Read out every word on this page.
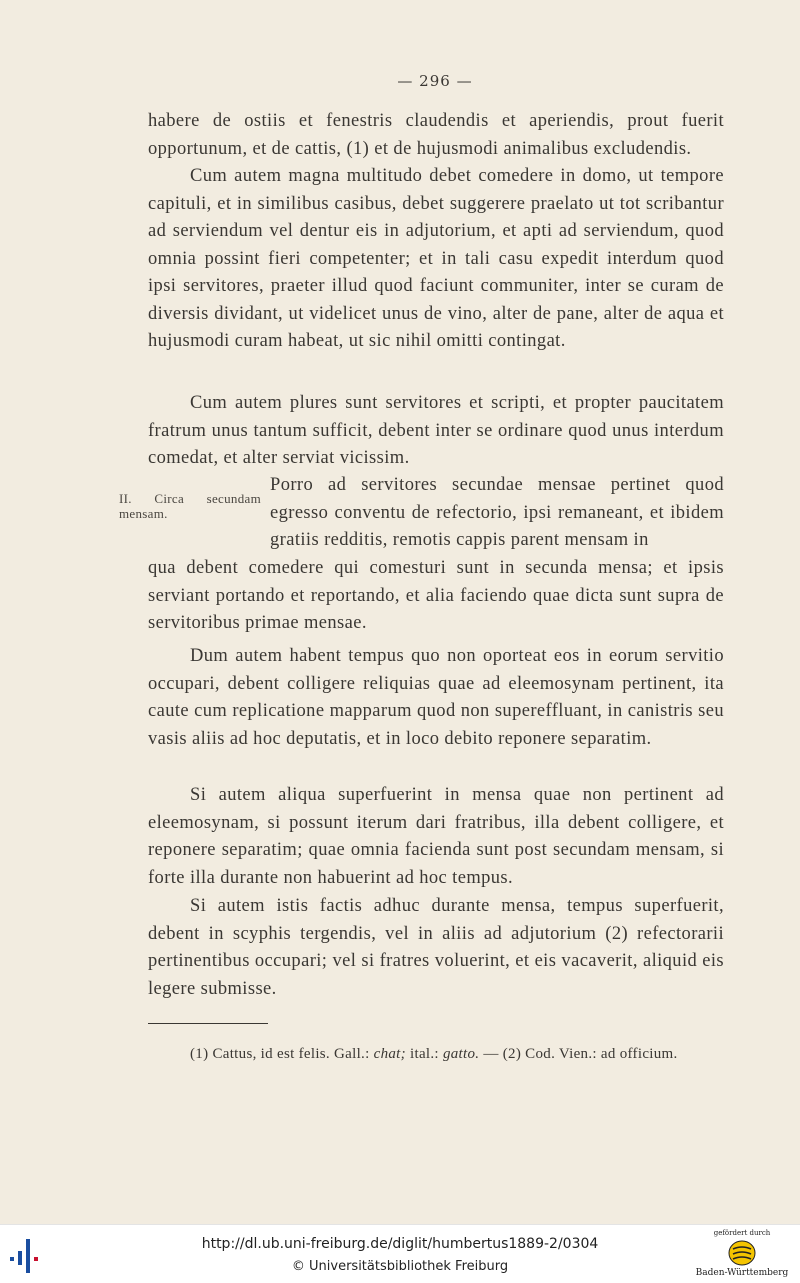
— 296 —

habere de ostiis et fenestris claudendis et aperiendis, prout fuerit opportunum, et de cattis, (1) et de hujusmodi animalibus excludendis.

Cum autem magna multitudo debet comedere in domo, ut tempore capituli, et in similibus casibus, debet suggerere praelato ut tot scribantur ad serviendum vel dentur eis in adjutorium, et apti ad serviendum, quod omnia possint fieri competenter; et in tali casu expedit interdum quod ipsi servitores, praeter illud quod faciunt communiter, inter se curam de diversis dividant, ut videlicet unus de vino, alter de pane, alter de aqua et hujusmodi curam habeat, ut sic nihil omitti contingat.

Cum autem plures sunt servitores et scripti, et propter paucitatem fratrum unus tantum sufficit, debent inter se ordinare quod unus interdum comedat, et alter serviat vicissim.

II. Circa secundam mensam.

Porro ad servitores secundae mensae pertinet quod egresso conventu de refectorio, ipsi remaneant, et ibidem gratiis redditis, remotis cappis parent mensam in

qua debent comedere qui comesturi sunt in secunda mensa; et ipsis serviant portando et reportando, et alia faciendo quae dicta sunt supra de servitoribus primae mensae.

Dum autem habent tempus quo non oporteat eos in eorum servitio occupari, debent colligere reliquias quae ad eleemosynam pertinent, ita caute cum replicatione mapparum quod non supereffluant, in canistris seu vasis aliis ad hoc deputatis, et in loco debito reponere separatim.

Si autem aliqua superfuerint in mensa quae non pertinent ad eleemosynam, si possunt iterum dari fratribus, illa debent colligere, et reponere separatim; quae omnia facienda sunt post secundam mensam, si forte illa durante non habuerint ad hoc tempus.

Si autem istis factis adhuc durante mensa, tempus superfuerit, debent in scyphis tergendis, vel in aliis ad adjutorium (2) refectorarii pertinentibus occupari; vel si fratres voluerint, et eis vacaverit, aliquid eis legere submisse.

(1) Cattus, id est felis. Gall.: chat; ital.: gatto. — (2) Cod. Vien.: ad officium.

http://dl.ub.uni-freiburg.de/diglit/humbertus1889-2/0304
© Universitätsbibliothek Freiburg
gefördert durch
Baden-Württemberg
